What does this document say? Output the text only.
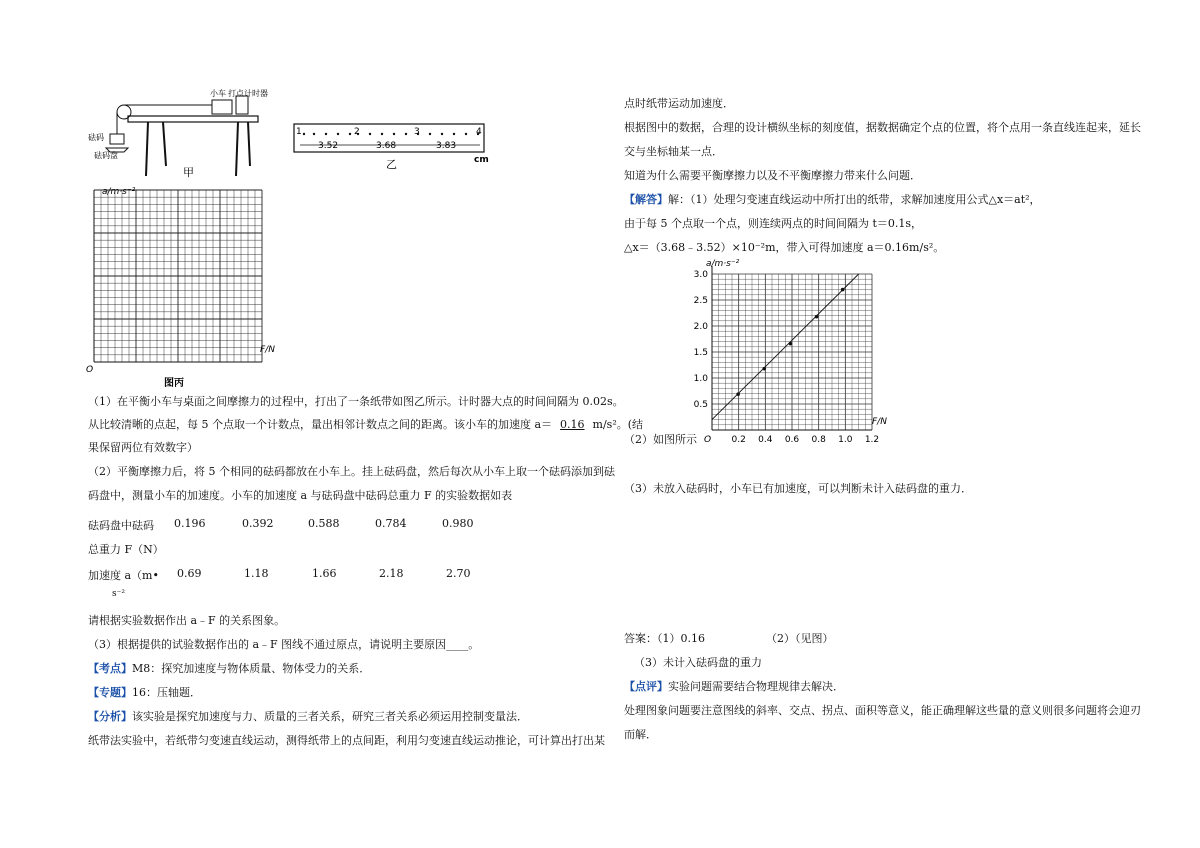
小车 打点计时器
砝码
砝码盘
甲
1	2	3	4
3.52	3.68	3.83
cm
乙
a/m·s⁻²
F/N
O
图丙
（1）在平衡小车与桌面之间摩擦力的过程中，打出了一条纸带如图乙所示。计时器大点的时间间隔为 0.02s。
从比较清晰的点起，每 5 个点取一个计数点，量出相邻计数点之间的距离。该小车的加速度 a＝ 0.16 m/s²。(结
果保留两位有效数字）
（2）平衡摩擦力后，将 5 个相同的砝码都放在小车上。挂上砝码盘，然后每次从小车上取一个砝码添加到砝
码盘中，测量小车的加速度。小车的加速度 a 与砝码盘中砝码总重力 F 的实验数据如表
砝码盘中砝码
总重力 F（N）
0.196	0.392	0.588	0.784	0.980
加速度 a（m•
s⁻²
0.69	1.18	1.66	2.18	2.70
请根据实验数据作出 a﹣F 的关系图象。
（3）根据提供的试验数据作出的 a﹣F 图线不通过原点，请说明主要原因____。
【考点】M8：探究加速度与物体质量、物体受力的关系．
【专题】16：压轴题．
【分析】该实验是探究加速度与力、质量的三者关系，研究三者关系必须运用控制变量法．
纸带法实验中，若纸带匀变速直线运动，测得纸带上的点间距，利用匀变速直线运动推论，可计算出打出某
点时纸带运动加速度．
根据图中的数据，合理的设计横纵坐标的刻度值，据数据确定个点的位置，将个点用一条直线连起来，延长
交与坐标轴某一点．
知道为什么需要平衡摩擦力以及不平衡摩擦力带来什么问题．
【解答】解：（1）处理匀变速直线运动中所打出的纸带，求解加速度用公式△x＝at²，
由于每 5 个点取一个点，则连续两点的时间间隔为 t＝0.1s，
△x＝（3.68﹣3.52）×10⁻²m，带入可得加速度 a＝0.16m/s²。
0.5
1.0
1.5
2.0
2.5
3.0
0.2 0.4 0.6 0.8 1.0 1.2
a/m·s⁻²
F/N
O
（2）如图所示
（3）未放入砝码时，小车已有加速度，可以判断未计入砝码盘的重力．
答案：（1）0.16	（2）（见图）
（3）未计入砝码盘的重力
【点评】实验问题需要结合物理规律去解决．
处理图象问题要注意图线的斜率、交点、拐点、面积等意义，能正确理解这些量的意义则很多问题将会迎刃
而解．
